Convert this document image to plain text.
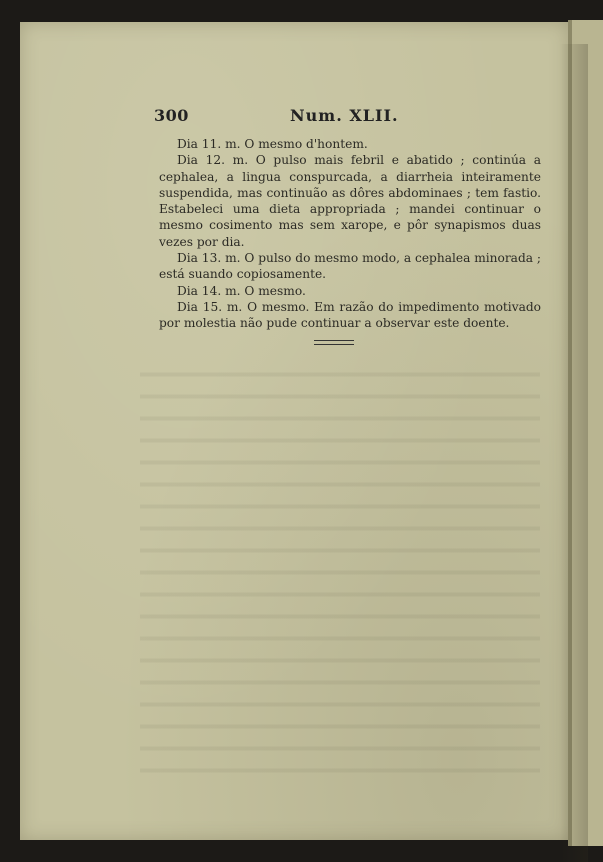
300	Num. XLII.

Dia 11. m. O mesmo d'hontem.

Dia 12. m. O pulso mais febril e abatido ; continúa a cephalea, a lingua conspurcada, a diarrheia inteiramente suspendida, mas continuão as dôres abdominaes ; tem fastio. Estabeleci uma dieta appropriada ; mandei continuar o mesmo cosimento mas sem xarope, e pôr synapismos duas vezes por dia.

Dia 13. m. O pulso do mesmo modo, a cephalea minorada ; está suando copiosamente.

Dia 14. m. O mesmo.

Dia 15. m. O mesmo. Em razão do impedimento motivado por molestia não pude continuar a observar este doente.
